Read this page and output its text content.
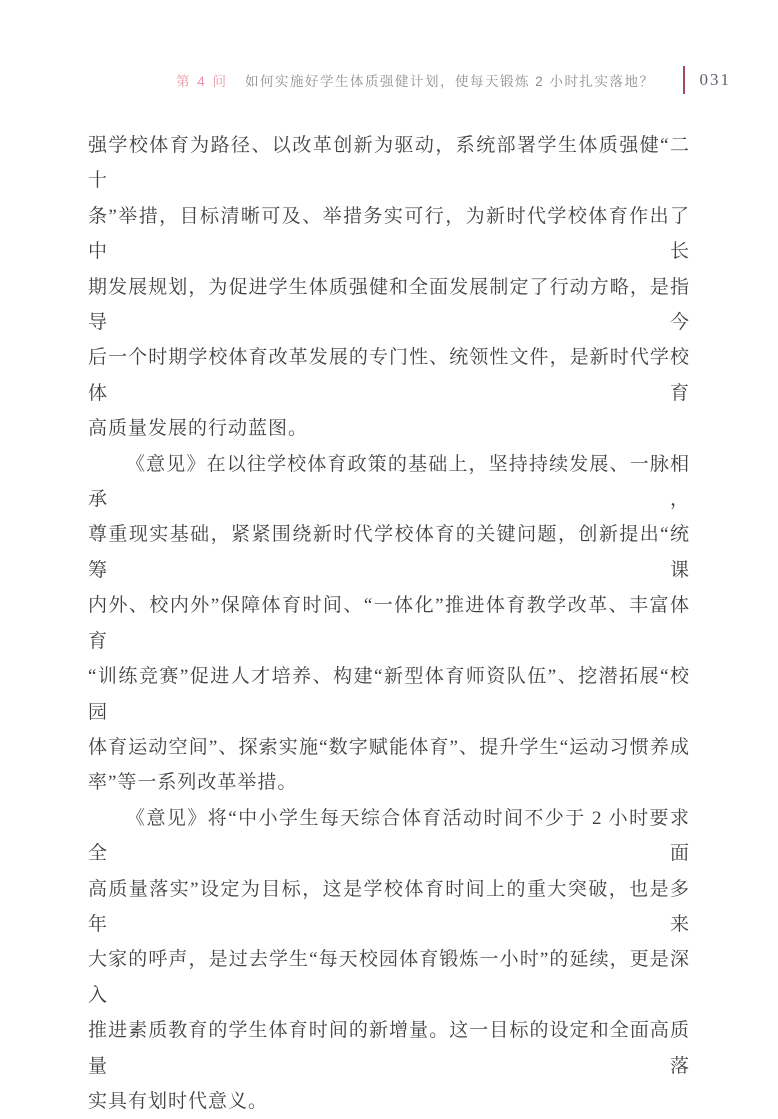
第 4 问 如何实施好学生体质强健计划，使每天锻炼 2 小时扎实落地？	031
强学校体育为路径、以改革创新为驱动，系统部署学生体质强健“二十
条”举措，目标清晰可及、举措务实可行，为新时代学校体育作出了中长
期发展规划，为促进学生体质强健和全面发展制定了行动方略，是指导今
后一个时期学校体育改革发展的专门性、统领性文件，是新时代学校体育
高质量发展的行动蓝图。
《意见》在以往学校体育政策的基础上，坚持持续发展、一脉相承，
尊重现实基础，紧紧围绕新时代学校体育的关键问题，创新提出“统筹课
内外、校内外”保障体育时间、“一体化”推进体育教学改革、丰富体育
“训练竞赛”促进人才培养、构建“新型体育师资队伍”、挖潜拓展“校园
体育运动空间”、探索实施“数字赋能体育”、提升学生“运动习惯养成
率”等一系列改革举措。
《意见》将“中小学生每天综合体育活动时间不少于 2 小时要求全面
高质量落实”设定为目标，这是学校体育时间上的重大突破，也是多年来
大家的呼声，是过去学生“每天校园体育锻炼一小时”的延续，更是深入
推进素质教育的学生体育时间的新增量。这一目标的设定和全面高质量落
实具有划时代意义。
